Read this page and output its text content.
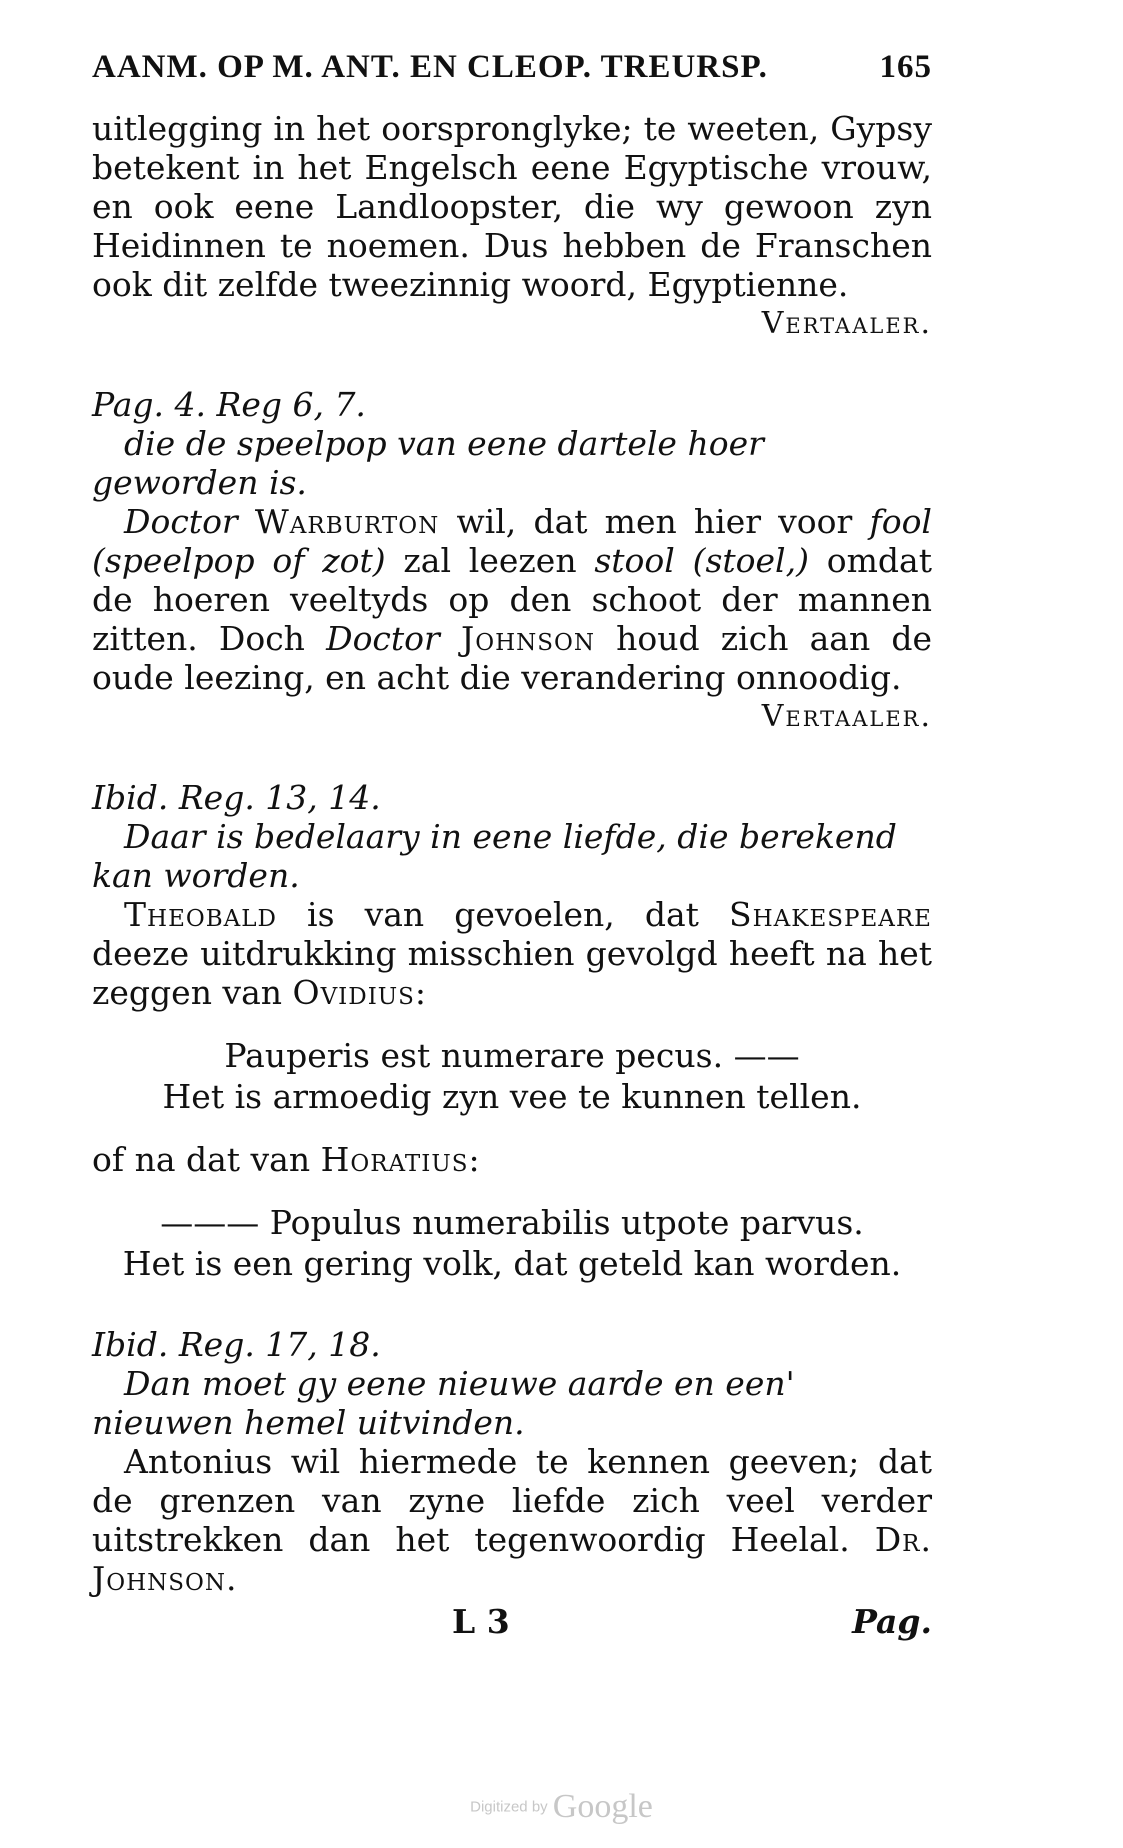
AANM. OP M. ANT. EN CLEOP. TREURSP.	165

uitlegging in het oorspronglyke; te weeten, Gypsy betekent in het Engelsch eene Egyptische vrouw, en ook eene Landloopster, die wy gewoon zyn Heidinnen te noemen. Dus hebben de Franschen ook dit zelfde tweezinnig woord, Egyptienne.

Vertaaler.

Pag. 4. Reg 6, 7.

die de speelpop van eene dartele hoer geworden is.

Doctor Warburton wil, dat men hier voor fool (speelpop of zot) zal leezen stool (stoel,) omdat de hoeren veeltyds op den schoot der mannen zitten. Doch Doctor Johnson houd zich aan de oude leezing, en acht die verandering onnoodig.

Vertaaler.

Ibid. Reg. 13, 14.

Daar is bedelaary in eene liefde, die berekend kan worden.

Theobald is van gevoelen, dat Shakespeare deeze uitdrukking misschien gevolgd heeft na het zeggen van Ovidius:

Pauperis est numerare pecus. ——

Het is armoedig zyn vee te kunnen tellen.

of na dat van Horatius:

——— Populus numerabilis utpote parvus.

Het is een gering volk, dat geteld kan worden.

Ibid. Reg. 17, 18.

Dan moet gy eene nieuwe aarde en een' nieuwen hemel uitvinden.

Antonius wil hiermede te kennen geeven; dat de grenzen van zyne liefde zich veel verder uitstrekken dan het tegenwoordig Heelal. Dr. Johnson.

L 3	Pag.
Digitized by Google
